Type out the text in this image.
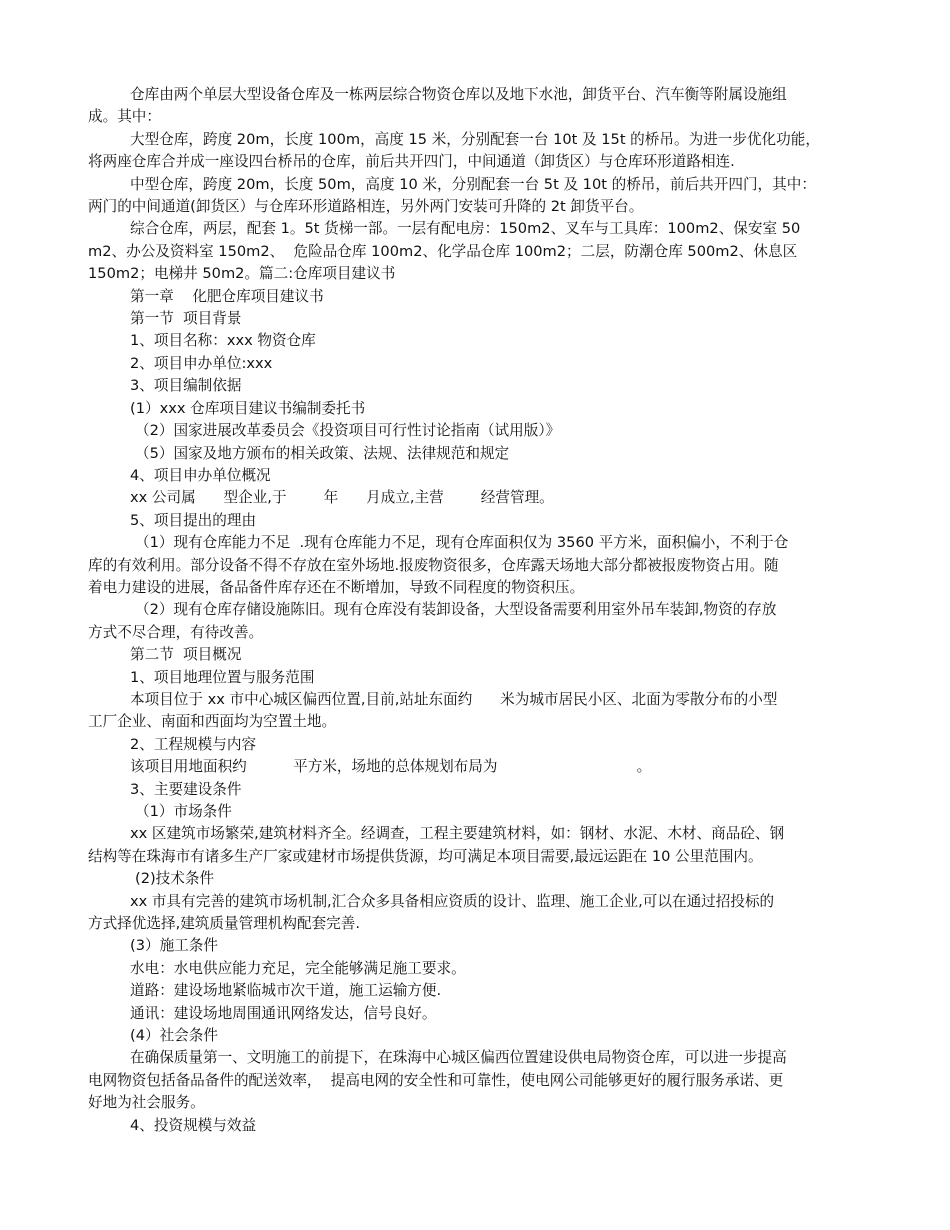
仓库由两个单层大型设备仓库及一栋两层综合物资仓库以及地下水池，卸货平台、汽车衡等附属设施组

成。其中：

大型仓库，跨度 20m，长度 100m，高度 15 米，分别配套一台 10t 及 15t 的桥吊。为进一步优化功能，

将两座仓库合并成一座设四台桥吊的仓库，前后共开四门，中间通道（卸货区）与仓库环形道路相连.

中型仓库，跨度 20m，长度 50m，高度 10 米，分别配套一台 5t 及 10t 的桥吊，前后共开四门，其中：

两门的中间通道(卸货区）与仓库环形道路相连，另外两门安装可升降的 2t 卸货平台。

综合仓库，两层，配套 1。5t 货梯一部。一层有配电房：150m2、叉车与工具库：100m2、保安室 50

m2、办公及资料室 150m2、  危险品仓库 100m2、化学品仓库 100m2；二层，防潮仓库 500m2、休息区

150m2；电梯井 50m2。篇二:仓库项目建议书

第一章    化肥仓库项目建议书

第一节  项目背景

1、项目名称：xxx 物资仓库

2、项目申办单位:xxx

3、项目编制依据

(1）xxx 仓库项目建议书编制委托书

（2）国家进展改革委员会《投资项目可行性讨论指南（试用版）》

（5）国家及地方颁布的相关政策、法规、法律规范和规定

4、项目申办单位概况

xx 公司属      型企业,于        年      月成立,主营        经营管理。

5、项目提出的理由

（1）现有仓库能力不足  .现有仓库能力不足，现有仓库面积仅为 3560 平方米，面积偏小，不利于仓

库的有效利用。部分设备不得不存放在室外场地.报废物资很多，仓库露天场地大部分都被报废物资占用。随

着电力建设的进展，备品备件库存还在不断增加，导致不同程度的物资积压。

（2）现有仓库存储设施陈旧。现有仓库没有装卸设备，大型设备需要利用室外吊车装卸,物资的存放

方式不尽合理，有待改善。

第二节  项目概况

1、项目地理位置与服务范围

本项目位于 xx 市中心城区偏西位置,目前,站址东面约      米为城市居民小区、北面为零散分布的小型

工厂企业、南面和西面均为空置土地。

2、工程规模与内容

该项目用地面积约          平方米，场地的总体规划布局为                              。

3、主要建设条件

（1）市场条件

xx 区建筑市场繁荣,建筑材料齐全。经调查，工程主要建筑材料，如：钢材、水泥、木材、商品砼、钢

结构等在珠海市有诸多生产厂家或建材市场提供货源，均可满足本项目需要,最远运距在 10 公里范围内。

(2)技术条件

xx 市具有完善的建筑市场机制,汇合众多具备相应资质的设计、监理、施工企业,可以在通过招投标的

方式择优选择,建筑质量管理机构配套完善.

(3）施工条件

水电：水电供应能力充足，完全能够满足施工要求。

道路：建设场地紧临城市次干道，施工运输方便.

通讯：建设场地周围通讯网络发达，信号良好。

(4）社会条件

在确保质量第一、文明施工的前提下，在珠海中心城区偏西位置建设供电局物资仓库，可以进一步提高

电网物资包括备品备件的配送效率，  提高电网的安全性和可靠性，使电网公司能够更好的履行服务承诺、更

好地为社会服务。

4、投资规模与效益
